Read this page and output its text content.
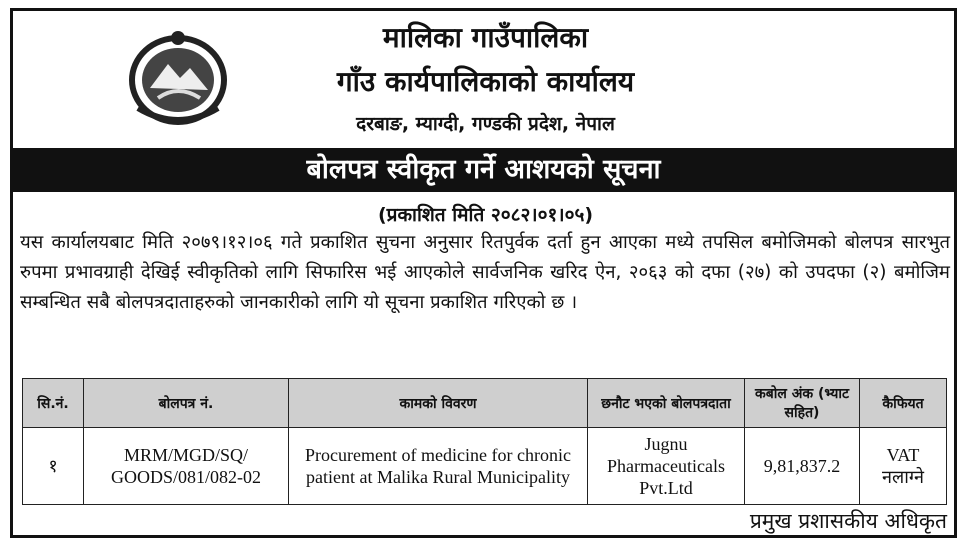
मालिका गाउँपालिका
गाँउ कार्यपालिकाको कार्यालय
दरबाङ, म्याग्दी, गण्डकी प्रदेश, नेपाल
बोलपत्र स्वीकृत गर्ने आशयको सूचना
(प्रकाशित मिति २०८२।०१।०५)
यस कार्यालयबाट मिति २०७९।१२।०६ गते प्रकाशित सुचना अनुसार रितपुर्वक दर्ता हुन आएका मध्ये तपसिल बमोजिमको बोलपत्र सारभुत रुपमा प्रभावग्राही देखिई स्वीकृतिको लागि सिफारिस भई आएकोले सार्वजनिक खरिद ऐन, २०६३ को दफा (२७) को उपदफा (२) बमोजिम सम्बन्धित सबै बोलपत्रदाताहरुको जानकारीको लागि यो सूचना प्रकाशित गरिएको छ ।
सि.नं.	बोलपत्र नं.	कामको विवरण	छनौट भएको बोलपत्रदाता	कबोल अंक (भ्याट सहित)	कैफियत
१	MRM/MGD/SQ/ GOODS/081/082-02	Procurement of medicine for chronic patient at Malika Rural Municipality	Jugnu Pharmaceuticals Pvt.Ltd	9,81,837.2	VAT नलाग्ने
प्रमुख प्रशासकीय अधिकृत
